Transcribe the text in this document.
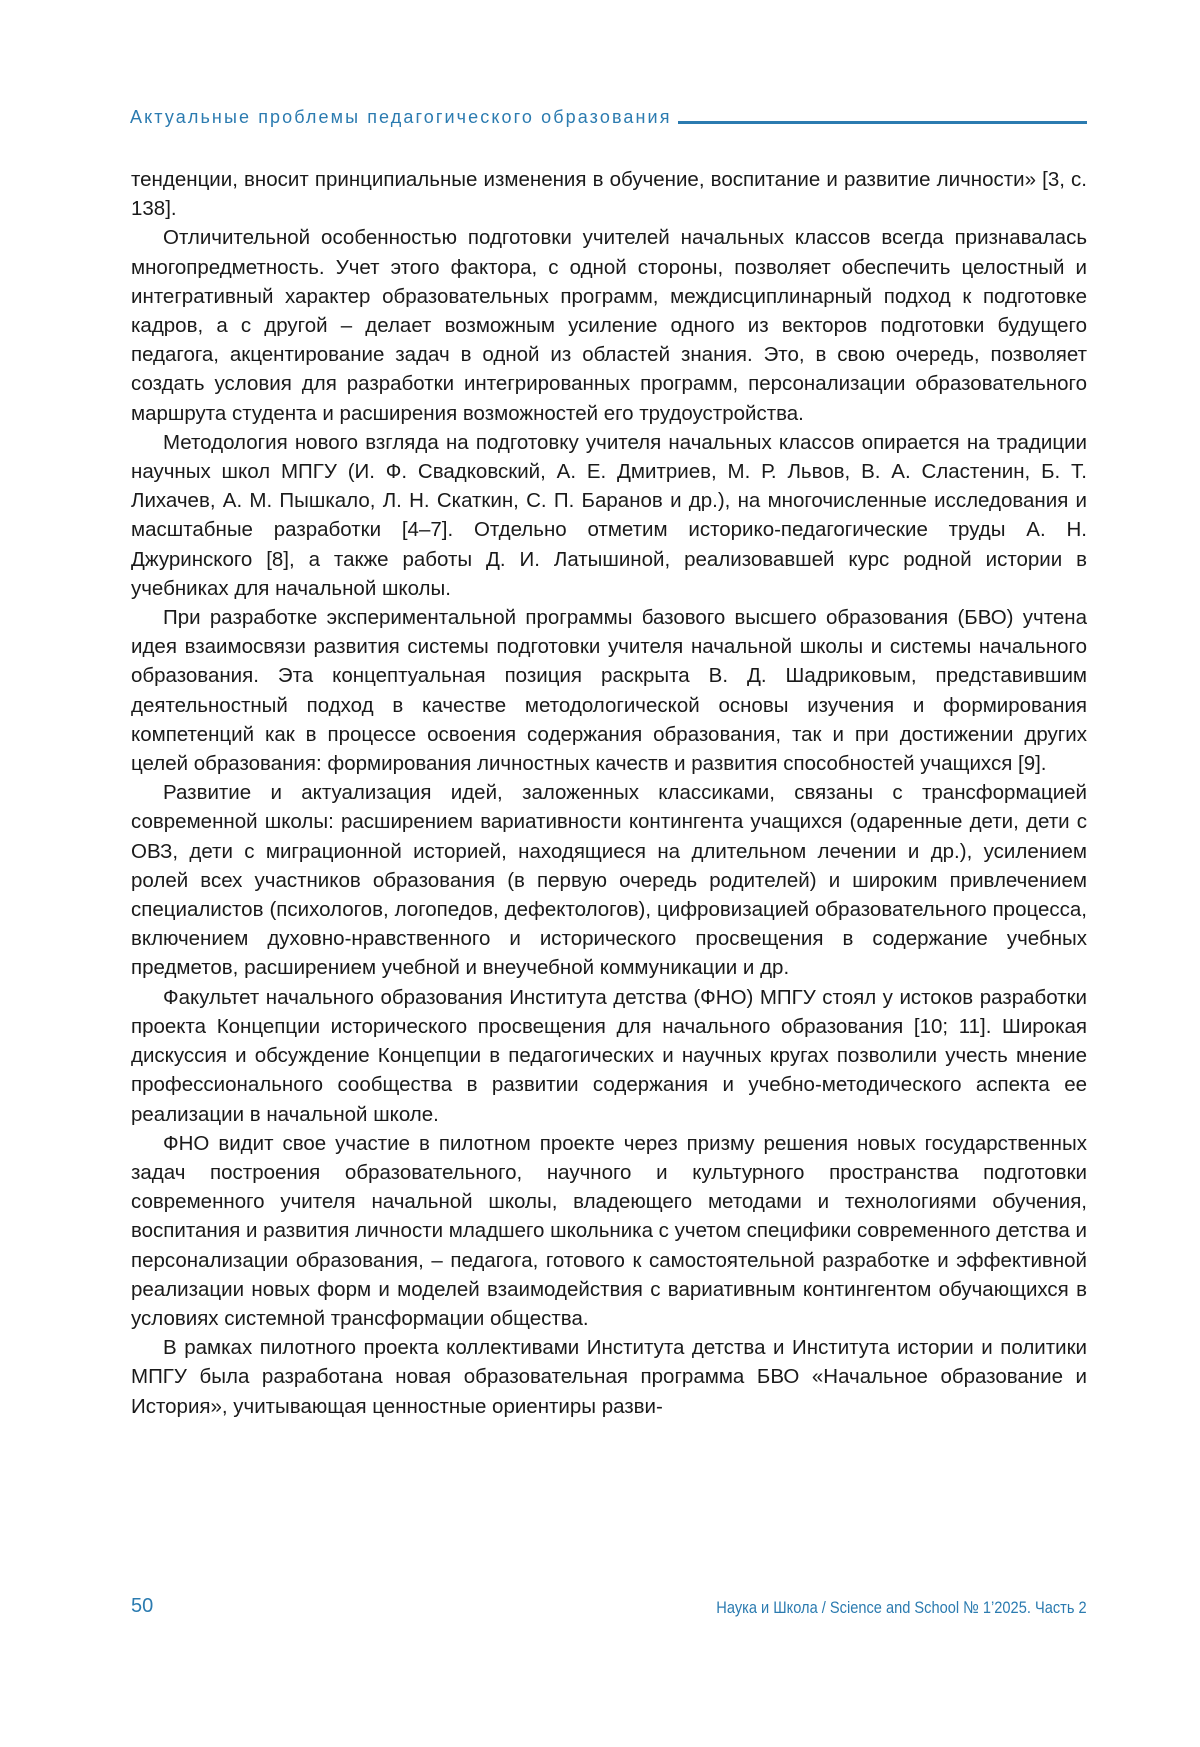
Актуальные проблемы педагогического образования

тенденции, вносит принципиальные изменения в обучение, воспитание и развитие личности» [3, с. 138].

Отличительной особенностью подготовки учителей начальных классов всегда признавалась многопредметность. Учет этого фактора, с одной стороны, позволяет обеспечить целостный и интегративный характер образовательных программ, междисциплинарный подход к подготовке кадров, а с другой – делает возможным усиление одного из векторов подготовки будущего педагога, акцентирование задач в одной из областей знания. Это, в свою очередь, позволяет создать условия для разработки интегрированных программ, персонализации образовательного маршрута студента и расширения возможностей его трудоустройства.

Методология нового взгляда на подготовку учителя начальных классов опирается на традиции научных школ МПГУ (И. Ф. Свадковский, А. Е. Дмитриев, М. Р. Львов, В. А. Сластенин, Б. Т. Лихачев, А. М. Пышкало, Л. Н. Скаткин, С. П. Баранов и др.), на многочисленные исследования и масштабные разработки [4–7]. Отдельно отметим историко-педагогические труды А. Н. Джуринского [8], а также работы Д. И. Латышиной, реализовавшей курс родной истории в учебниках для начальной школы.

При разработке экспериментальной программы базового высшего образования (БВО) учтена идея взаимосвязи развития системы подготовки учителя начальной школы и системы начального образования. Эта концептуальная позиция раскрыта В. Д. Шадриковым, представившим деятельностный подход в качестве методологической основы изучения и формирования компетенций как в процессе освоения содержания образования, так и при достижении других целей образования: формирования личностных качеств и развития способностей учащихся [9].

Развитие и актуализация идей, заложенных классиками, связаны с трансформацией современной школы: расширением вариативности контингента учащихся (одаренные дети, дети с ОВЗ, дети с миграционной историей, находящиеся на длительном лечении и др.), усилением ролей всех участников образования (в первую очередь родителей) и широким привлечением специалистов (психологов, логопедов, дефектологов), цифровизацией образовательного процесса, включением духовно-нравственного и исторического просвещения в содержание учебных предметов, расширением учебной и внеучебной коммуникации и др.

Факультет начального образования Института детства (ФНО) МПГУ стоял у истоков разработки проекта Концепции исторического просвещения для начального образования [10; 11]. Широкая дискуссия и обсуждение Концепции в педагогических и научных кругах позволили учесть мнение профессионального сообщества в развитии содержания и учебно-методического аспекта ее реализации в начальной школе.

ФНО видит свое участие в пилотном проекте через призму решения новых государственных задач построения образовательного, научного и культурного пространства подготовки современного учителя начальной школы, владеющего методами и технологиями обучения, воспитания и развития личности младшего школьника с учетом специфики современного детства и персонализации образования, – педагога, готового к самостоятельной разработке и эффективной реализации новых форм и моделей взаимодействия с вариативным контингентом обучающихся в условиях системной трансформации общества.

В рамках пилотного проекта коллективами Института детства и Института истории и политики МПГУ была разработана новая образовательная программа БВО «Начальное образование и История», учитывающая ценностные ориентиры разви-

50	Наука и Школа / Science and School № 1’2025. Часть 2
